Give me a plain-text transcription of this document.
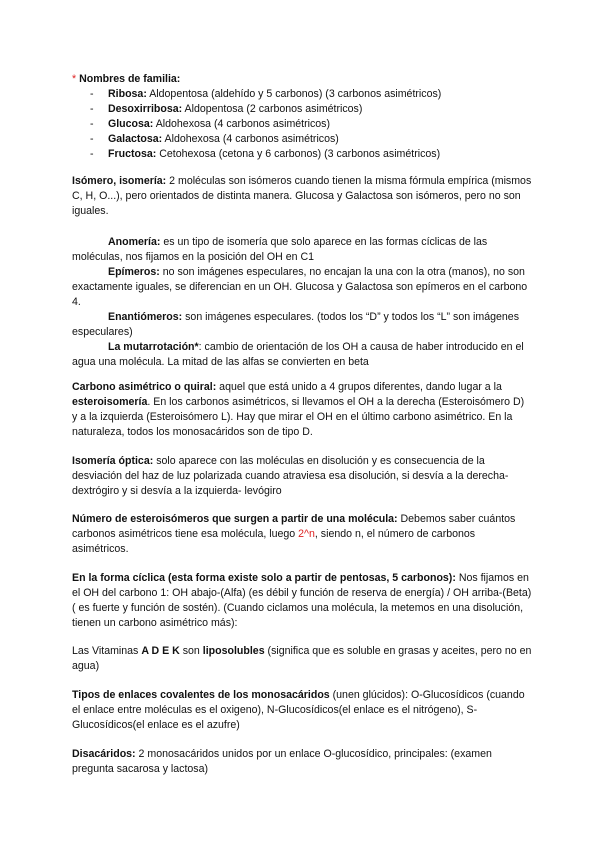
* Nombres de familia:
- Ribosa: Aldopentosa (aldehído y 5 carbonos) (3 carbonos asimétricos)
- Desoxirribosa: Aldopentosa (2 carbonos asimétricos)
- Glucosa: Aldohexosa (4 carbonos asimétricos)
- Galactosa: Aldohexosa (4 carbonos asimétricos)
- Fructosa: Cetohexosa (cetona y 6 carbonos) (3 carbonos asimétricos)
Isómero, isomería: 2 moléculas son isómeros cuando tienen la misma fórmula empírica (mismos C, H, O...), pero orientados de distinta manera. Glucosa y Galactosa son isómeros, pero no son iguales.
Anomería: es un tipo de isomería que solo aparece en las formas cíclicas de las moléculas, nos fijamos en la posición del OH en C1
Epímeros: no son imágenes especulares, no encajan la una con la otra (manos), no son exactamente iguales, se diferencian en un OH. Glucosa y Galactosa son epímeros en el carbono 4.
Enantiómeros: son imágenes especulares. (todos los “D” y todos los “L” son imágenes especulares)
La mutarrotación*: cambio de orientación de los OH a causa de haber introducido en el agua una molécula. La mitad de las alfas se convierten en beta
Carbono asimétrico o quiral: aquel que está unido a 4 grupos diferentes, dando lugar a la esteroisomería. En los carbonos asimétricos, si llevamos el OH a la derecha (Esteroisómero D) y a la izquierda (Esteroisómero L). Hay que mirar el OH en el último carbono asimétrico. En la naturaleza, todos los monosacáridos son de tipo D.
Isomería óptica: solo aparece con las moléculas en disolución y es consecuencia de la desviación del haz de luz polarizada cuando atraviesa esa disolución, si desvía a la derecha- dextrógiro y si desvía a la izquierda- levógiro
Número de esteroisómeros que surgen a partir de una molécula: Debemos saber cuántos carbonos asimétricos tiene esa molécula, luego 2^n, siendo n, el número de carbonos asimétricos.
En la forma cíclica (esta forma existe solo a partir de pentosas, 5 carbonos): Nos fijamos en el OH del carbono 1: OH abajo-(Alfa) (es débil y función de reserva de energía) / OH arriba-(Beta)( es fuerte y función de sostén). (Cuando ciclamos una molécula, la metemos en una disolución, tienen un carbono asimétrico más):
Las Vitaminas A D E K son liposolubles (significa que es soluble en grasas y aceites, pero no en agua)
Tipos de enlaces covalentes de los monosacáridos (unen glúcidos): O-Glucosídicos (cuando el enlace entre moléculas es el oxigeno), N-Glucosídicos(el enlace es el nitrógeno), S-Glucosídicos(el enlace es el azufre)
Disacáridos: 2 monosacáridos unidos por un enlace O-glucosídico, principales: (examen pregunta sacarosa y lactosa)
